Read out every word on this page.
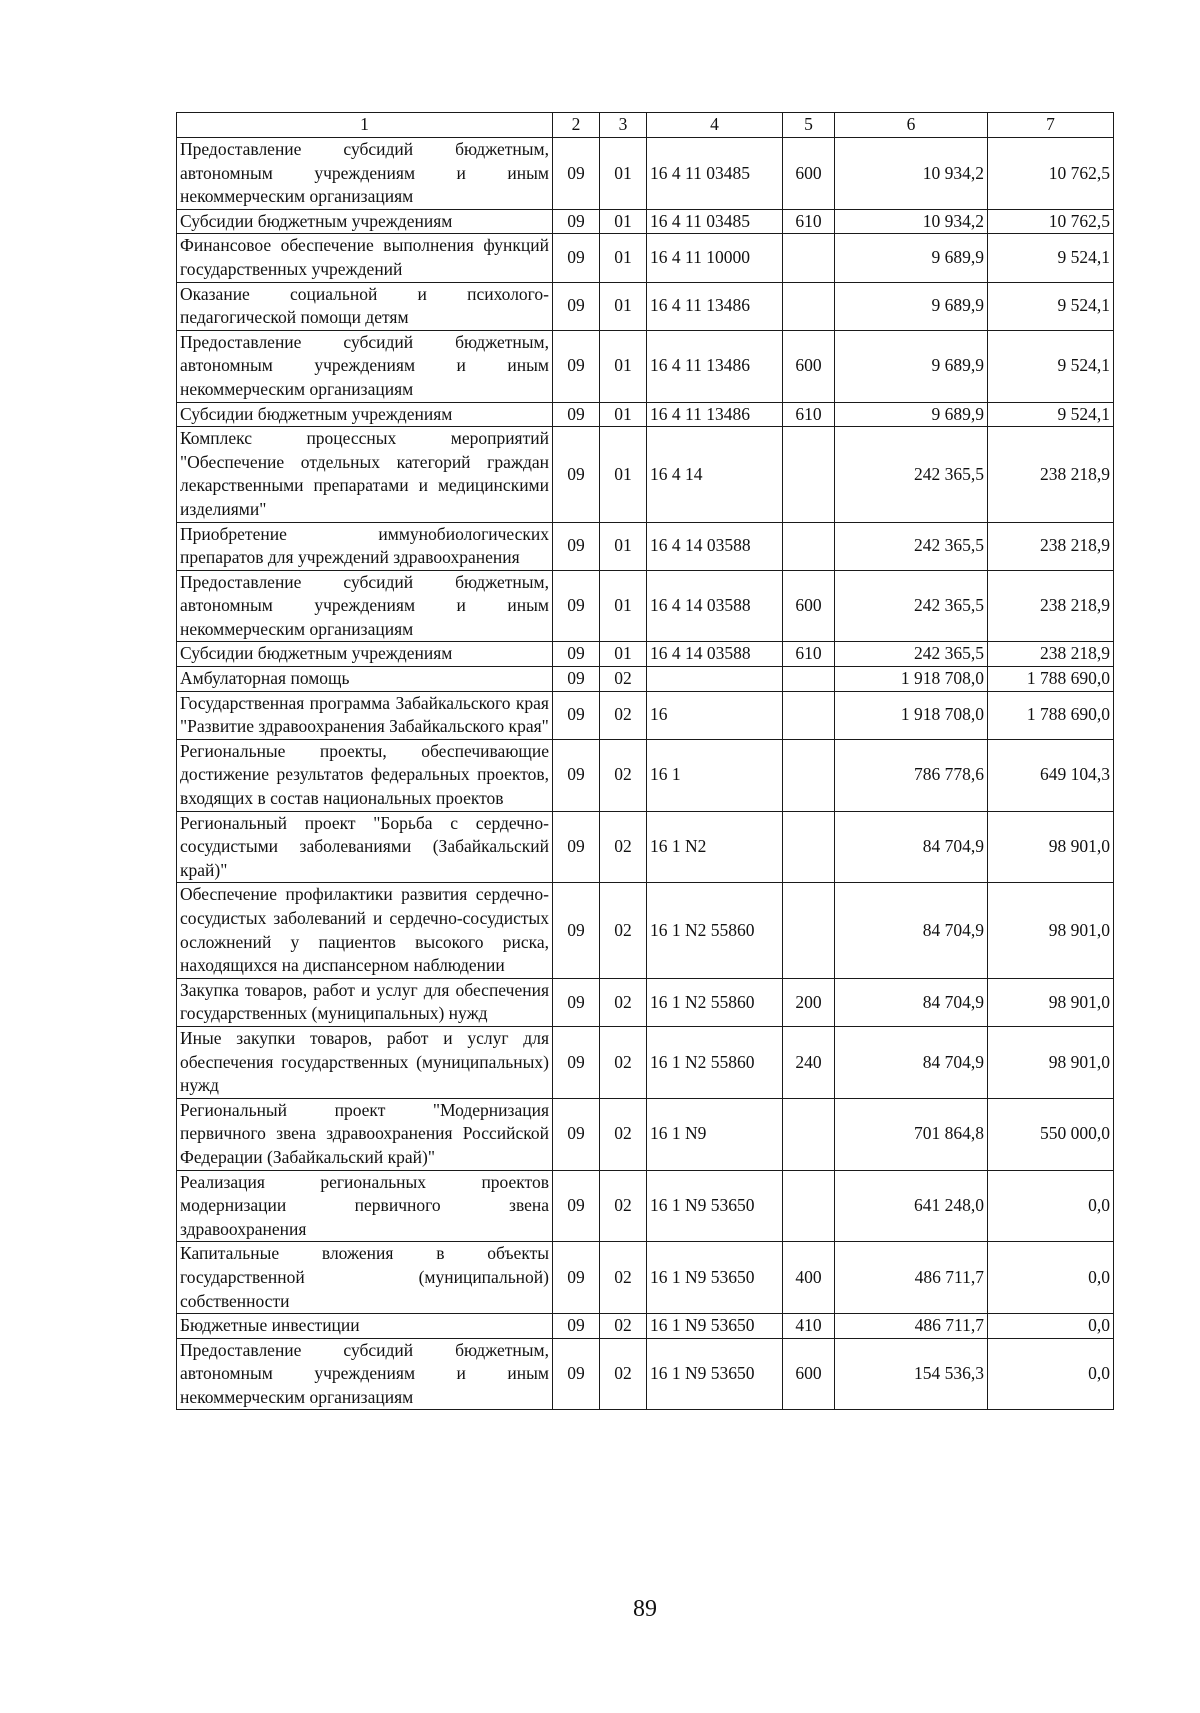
1	2	3	4	5	6	7
Предоставление субсидий бюджетным, автономным учреждениям и иным некоммерческим организациям	09	01	16 4 11 03485	600	10 934,2	10 762,5
Субсидии бюджетным учреждениям	09	01	16 4 11 03485	610	10 934,2	10 762,5
Финансовое обеспечение выполнения функций государственных учреждений	09	01	16 4 11 10000		9 689,9	9 524,1
Оказание социальной и психолого-педагогической помощи детям	09	01	16 4 11 13486		9 689,9	9 524,1
Предоставление субсидий бюджетным, автономным учреждениям и иным некоммерческим организациям	09	01	16 4 11 13486	600	9 689,9	9 524,1
Субсидии бюджетным учреждениям	09	01	16 4 11 13486	610	9 689,9	9 524,1
Комплекс процессных мероприятий "Обеспечение отдельных категорий граждан лекарственными препаратами и медицинскими изделиями"	09	01	16 4 14		242 365,5	238 218,9
Приобретение иммунобиологических препаратов для учреждений здравоохранения	09	01	16 4 14 03588		242 365,5	238 218,9
Предоставление субсидий бюджетным, автономным учреждениям и иным некоммерческим организациям	09	01	16 4 14 03588	600	242 365,5	238 218,9
Субсидии бюджетным учреждениям	09	01	16 4 14 03588	610	242 365,5	238 218,9
Амбулаторная помощь	09	02			1 918 708,0	1 788 690,0
Государственная программа Забайкальского края "Развитие здравоохранения Забайкальского края"	09	02	16		1 918 708,0	1 788 690,0
Региональные проекты, обеспечивающие достижение результатов федеральных проектов, входящих в состав национальных проектов	09	02	16 1		786 778,6	649 104,3
Региональный проект "Борьба с сердечно-сосудистыми заболеваниями (Забайкальский край)"	09	02	16 1 N2		84 704,9	98 901,0
Обеспечение профилактики развития сердечно-сосудистых заболеваний и сердечно-сосудистых осложнений у пациентов высокого риска, находящихся на диспансерном наблюдении	09	02	16 1 N2 55860		84 704,9	98 901,0
Закупка товаров, работ и услуг для обеспечения государственных (муниципальных) нужд	09	02	16 1 N2 55860	200	84 704,9	98 901,0
Иные закупки товаров, работ и услуг для обеспечения государственных (муниципальных) нужд	09	02	16 1 N2 55860	240	84 704,9	98 901,0
Региональный проект "Модернизация первичного звена здравоохранения Российской Федерации (Забайкальский край)"	09	02	16 1 N9		701 864,8	550 000,0
Реализация региональных проектов модернизации первичного звена здравоохранения	09	02	16 1 N9 53650		641 248,0	0,0
Капитальные вложения в объекты государственной (муниципальной) собственности	09	02	16 1 N9 53650	400	486 711,7	0,0
Бюджетные инвестиции	09	02	16 1 N9 53650	410	486 711,7	0,0
Предоставление субсидий бюджетным, автономным учреждениям и иным некоммерческим организациям	09	02	16 1 N9 53650	600	154 536,3	0,0
89
